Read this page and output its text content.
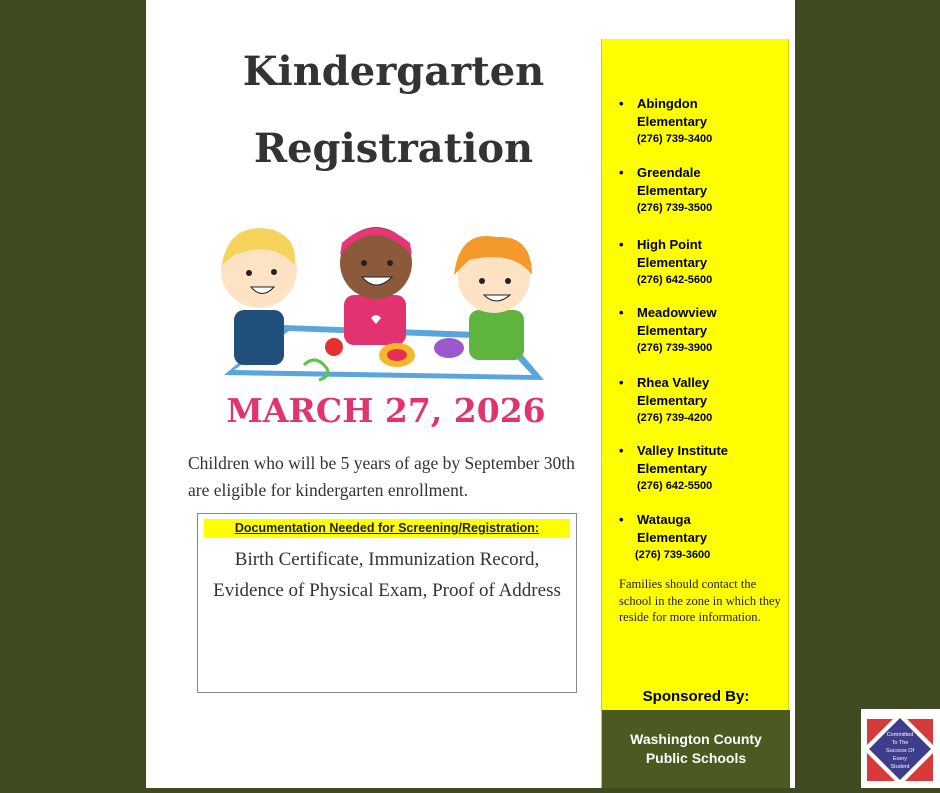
Kindergarten
Registration
MARCH 27, 2026
Children who will be 5 years of age by September 30th are eligible for kindergarten enrollment.
Documentation Needed for Screening/Registration:
Birth Certificate, Immunization Record, Evidence of Physical Exam, Proof of Address
• Abingdon Elementary
(276) 739-3400
• Greendale Elementary
(276) 739-3500
• High Point Elementary
(276) 642-5600
• Meadowview Elementary
(276) 739-3900
• Rhea Valley Elementary
(276) 739-4200
• Valley Institute Elementary
(276) 642-5500
• Watauga Elementary
(276) 739-3600
Families should contact the school in the zone in which they reside for more information.
Sponsored By:
Washington County
Public Schools
Committed
To The
Success Of
Every
Student
